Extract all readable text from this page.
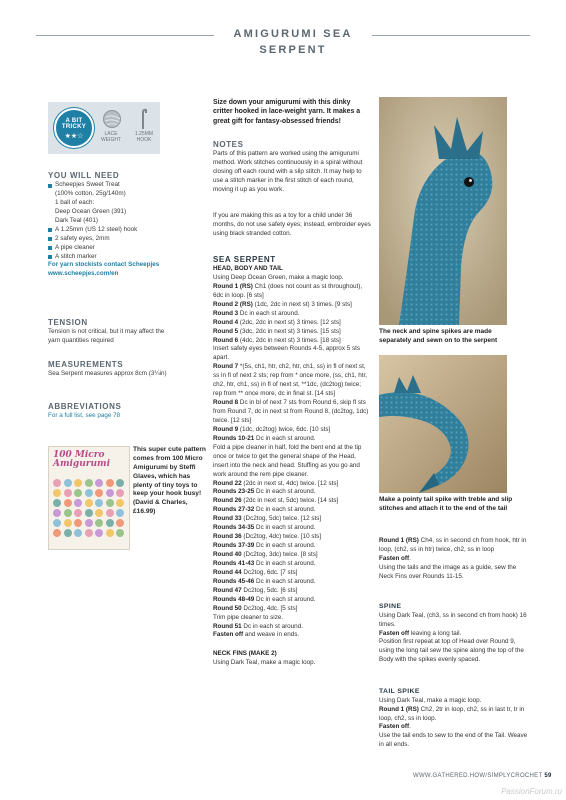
AMIGURUMI SEA SERPENT
A BIT
TRICKY
★★☆	LACE WEIGHT
1.25MM HOOK
YOU WILL NEED
Scheepjes Sweet Treat
(100% cotton, 25g/140m)
1 ball of each:
Deep Ocean Green (391)
Dark Teal (401)
A 1.25mm (US 12 steel) hook
2 safety eyes, 2mm
A pipe cleaner
A stitch marker
For yarn stockists contact Scheepjes www.scheepjes.com/en
TENSION
Tension is not critical, but it may affect the yarn quantities required
MEASUREMENTS
Sea Serpent measures approx 8cm (3¼in)
ABBREVIATIONS
For a full list, see page 78
100 Micro Amigurumi
This super cute pattern comes from 100 Micro Amigurumi by Steffi Glaves, which has plenty of tiny toys to keep your hook busy! (David & Charles, £16.99)
Size down your amigurumi with this dinky critter hooked in lace-weight yarn. It makes a great gift for fantasy-obsessed friends!
NOTES
Parts of this pattern are worked using the amigurumi method. Work stitches continuously in a spiral without closing off each round with a slip stitch. It may help to use a stitch marker in the first stitch of each round, moving it up as you work.
If you are making this as a toy for a child under 36 months, do not use safety eyes; instead, embroider eyes using black stranded cotton.
SEA SERPENT
HEAD, BODY AND TAIL
Using Deep Ocean Green, make a magic loop.
Round 1 (RS) Ch1 (does not count as st throughout), 6dc in loop. [6 sts]
Round 2 (RS) (1dc, 2dc in next st) 3 times. [9 sts]
Round 3 Dc in each st around.
Round 4 (2dc, 2dc in next st) 3 times. [12 sts]
Round 5 (3dc, 2dc in next st) 3 times. [15 sts]
Round 6 (4dc, 2dc in next st) 3 times. [18 sts]
Insert safety eyes between Rounds 4-5, approx 5 sts apart.
Round 7 *(5s, ch1, htr, ch2, htr, ch1, ss) in fl of next st, ss in fl of next 2 sts; rep from * once more, (ss, ch1, htr, ch2, htr, ch1, ss) in fl of next st, **1dc, (dc2tog) twice; rep from ** once more, dc in final st. [14 sts]
Round 8 Dc in bl of next 7 sts from Round 6, skip fl sts from Round 7, dc in next st from Round 8, (dc2tog, 1dc) twice. [12 sts]
Round 9 (1dc, dc2tog) twice, 6dc. [10 sts]
Rounds 10-21 Dc in each st around.
Fold a pipe cleaner in half, fold the bent end at the tip once or twice to get the general shape of the Head, insert into the neck and head. Stuffing as you go and work around the rem pipe cleaner.
Round 22 (2dc in next st, 4dc) twice. [12 sts]
Rounds 23-25 Dc in each st around.
Round 26 (2dc in next st, 5dc) twice. [14 sts]
Rounds 27-32 Dc in each st around.
Round 33 (Dc2tog, 5dc) twice. [12 sts]
Rounds 34-35 Dc in each st around.
Round 36 (Dc2tog, 4dc) twice. [10 sts]
Rounds 37-39 Dc in each st around.
Round 40 (Dc2tog, 3dc) twice. [8 sts]
Rounds 41-43 Dc in each st around.
Round 44 Dc2tog, 6dc. [7 sts]
Rounds 45-46 Dc in each st around.
Round 47 Dc2tog, 5dc. [6 sts]
Rounds 48-49 Dc in each st around.
Round 50 Dc2tog, 4dc. [5 sts]
Trim pipe cleaner to size.
Round 51 Dc in each st around.
Fasten off and weave in ends.
NECK FINS (MAKE 2)
Using Dark Teal, make a magic loop.
The neck and spine spikes are made separately and sewn on to the serpent
Make a pointy tail spike with treble and slip stitches and attach it to the end of the tail
Round 1 (RS) Ch4, ss in second ch from hook, htr in loop, (ch2, ss in htr) twice, ch2, ss in loop
Fasten off.
Using the tails and the image as a guide, sew the Neck Fins over Rounds 11-15.
SPINE
Using Dark Teal, (ch3, ss in second ch from hook) 16 times.
Fasten off leaving a long tail.
Position first repeat at top of Head over Round 9, using the long tail sew the spine along the top of the Body with the spikes evenly spaced.
TAIL SPIKE
Using Dark Teal, make a magic loop.
Round 1 (RS) Ch2, 2tr in loop, ch2, ss in last tr, tr in loop, ch2, ss in loop.
Fasten off.
Use the tail ends to sew to the end of the Tail. Weave in all ends.
WWW.GATHERED.HOW/SIMPLYCROCHET 59
PassionForum.ru
